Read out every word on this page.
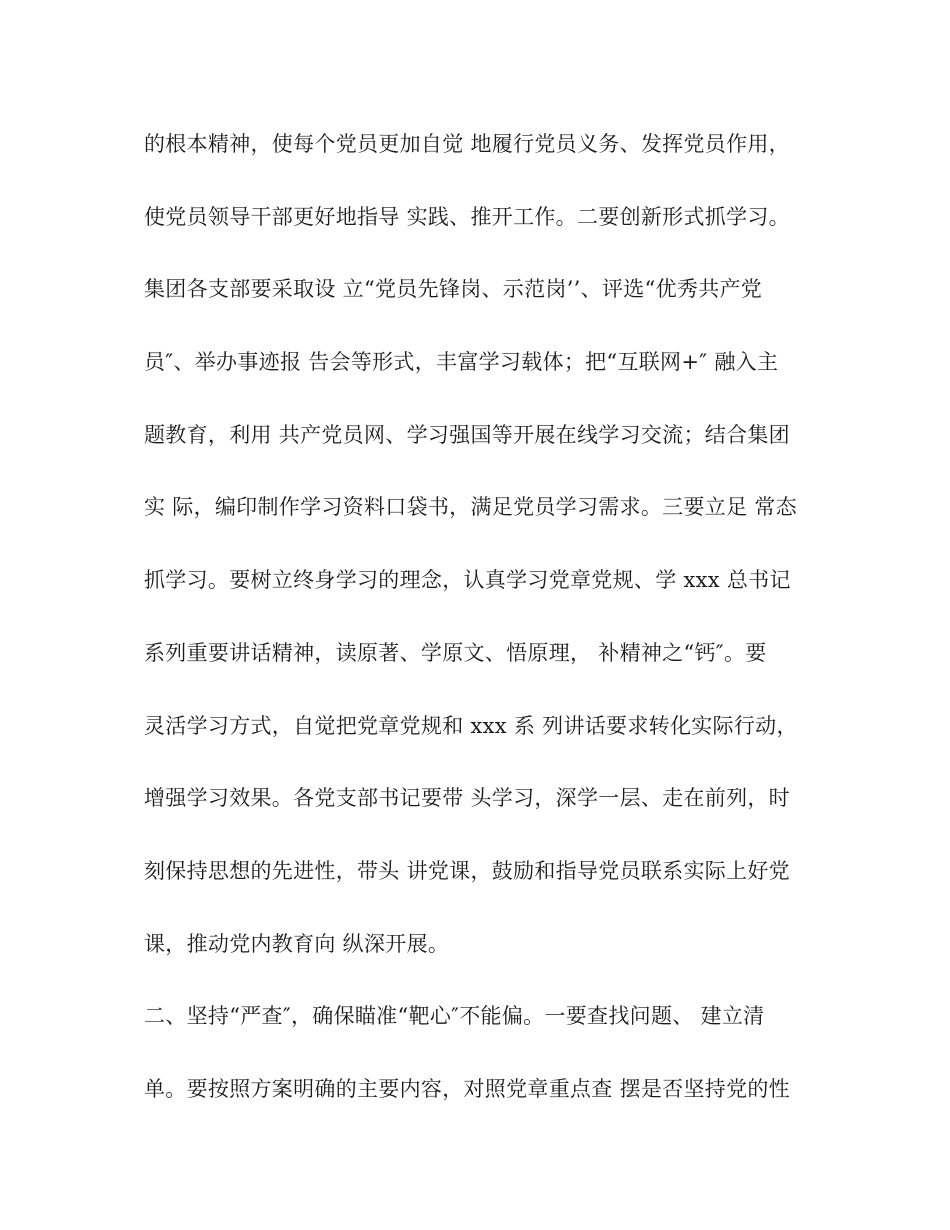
的根本精神，使每个党员更加自觉 地履行党员义务、发挥党员作用，
使党员领导干部更好地指导 实践、推开工作。二要创新形式抓学习。
集团各支部要采取设 立“党员先锋岗、示范岗’’、评选“优秀共产党
员″、举办事迹报 告会等形式，丰富学习载体；把“互联网+″ 融入主
题教育，利用 共产党员网、学习强国等开展在线学习交流；结合集团
实 际，编印制作学习资料口袋书，满足党员学习需求。三要立足 常态
抓学习。要树立终身学习的理念，认真学习党章党规、学 xxx 总书记
系列重要讲话精神，读原著、学原文、悟原理， 补精神之“钙″。要
灵活学习方式，自觉把党章党规和 xxx 系 列讲话要求转化实际行动，
增强学习效果。各党支部书记要带 头学习，深学一层、走在前列，时
刻保持思想的先进性，带头 讲党课，鼓励和指导党员联系实际上好党
课，推动党内教育向 纵深开展。
二、坚持“严查″，确保瞄准“靶心″不能偏。一要查找问题、 建立清
单。要按照方案明确的主要内容，对照党章重点查 摆是否坚持党的性
